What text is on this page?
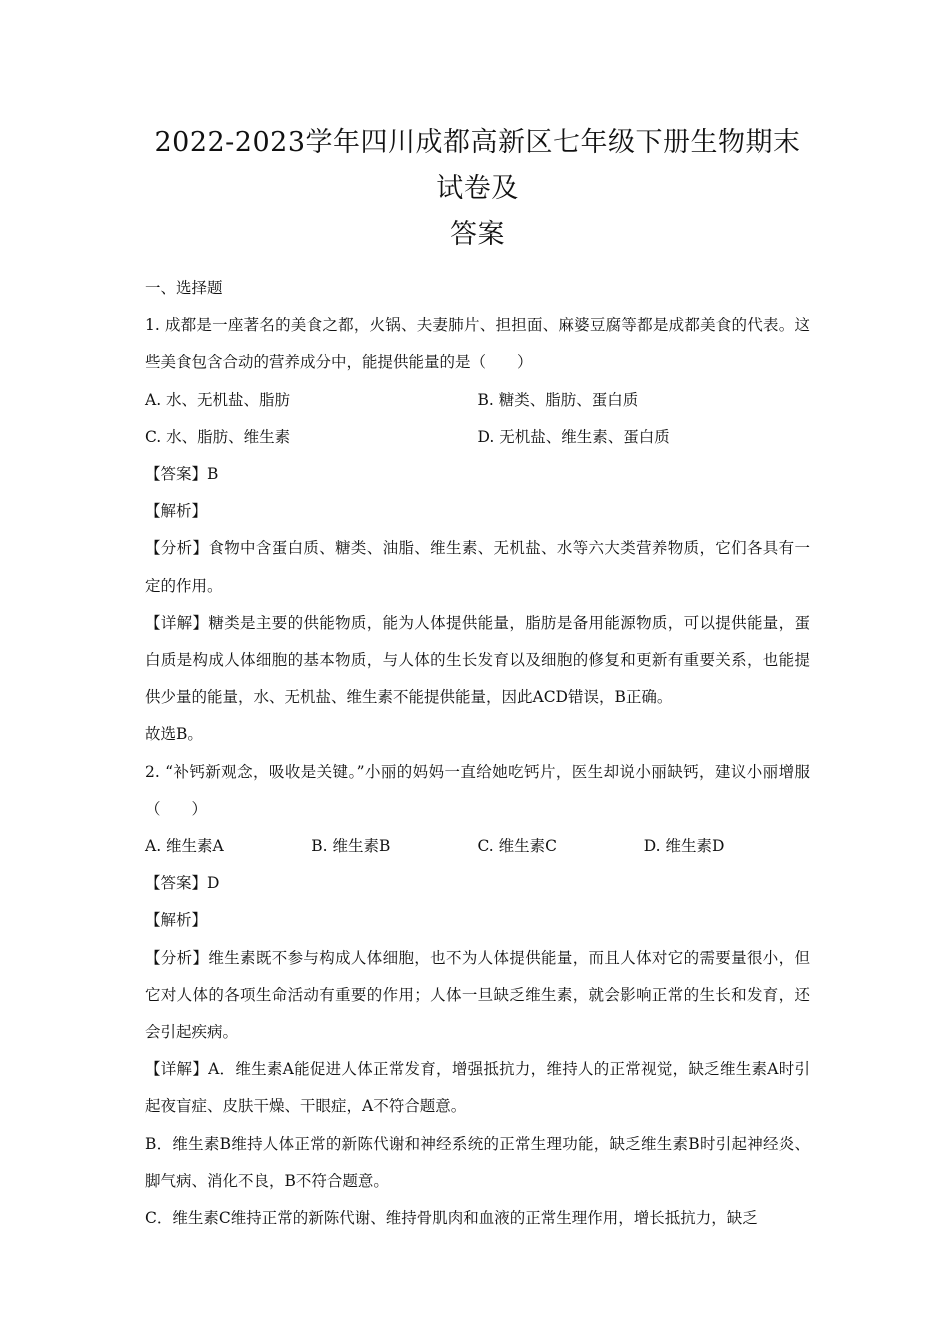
2022-2023学年四川成都高新区七年级下册生物期末试卷及
答案

一、选择题

1. 成都是一座著名的美食之都，火锅、夫妻肺片、担担面、麻婆豆腐等都是成都美食的代表。这些美食包含合动的营养成分中，能提供能量的是（　　）

A. 水、无机盐、脂肪	B. 糖类、脂肪、蛋白质
C. 水、脂肪、维生素	D. 无机盐、维生素、蛋白质

【答案】B

【解析】

【分析】食物中含蛋白质、糖类、油脂、维生素、无机盐、水等六大类营养物质，它们各具有一定的作用。

【详解】糖类是主要的供能物质，能为人体提供能量，脂肪是备用能源物质，可以提供能量，蛋白质是构成人体细胞的基本物质，与人体的生长发育以及细胞的修复和更新有重要关系，也能提供少量的能量，水、无机盐、维生素不能提供能量，因此ACD错误，B正确。

故选B。

2. “补钙新观念，吸收是关键。”小丽的妈妈一直给她吃钙片，医生却说小丽缺钙，建议小丽增服（　　）

A. 维生素A	B. 维生素B	C. 维生素C	D. 维生素D

【答案】D

【解析】

【分析】维生素既不参与构成人体细胞，也不为人体提供能量，而且人体对它的需要量很小，但它对人体的各项生命活动有重要的作用；人体一旦缺乏维生素，就会影响正常的生长和发育，还会引起疾病。

【详解】A．维生素A能促进人体正常发育，增强抵抗力，维持人的正常视觉，缺乏维生素A时引起夜盲症、皮肤干燥、干眼症，A不符合题意。

B．维生素B维持人体正常的新陈代谢和神经系统的正常生理功能，缺乏维生素B时引起神经炎、脚气病、消化不良，B不符合题意。

C．维生素C维持正常的新陈代谢、维持骨肌肉和血液的正常生理作用，增长抵抗力，缺乏
